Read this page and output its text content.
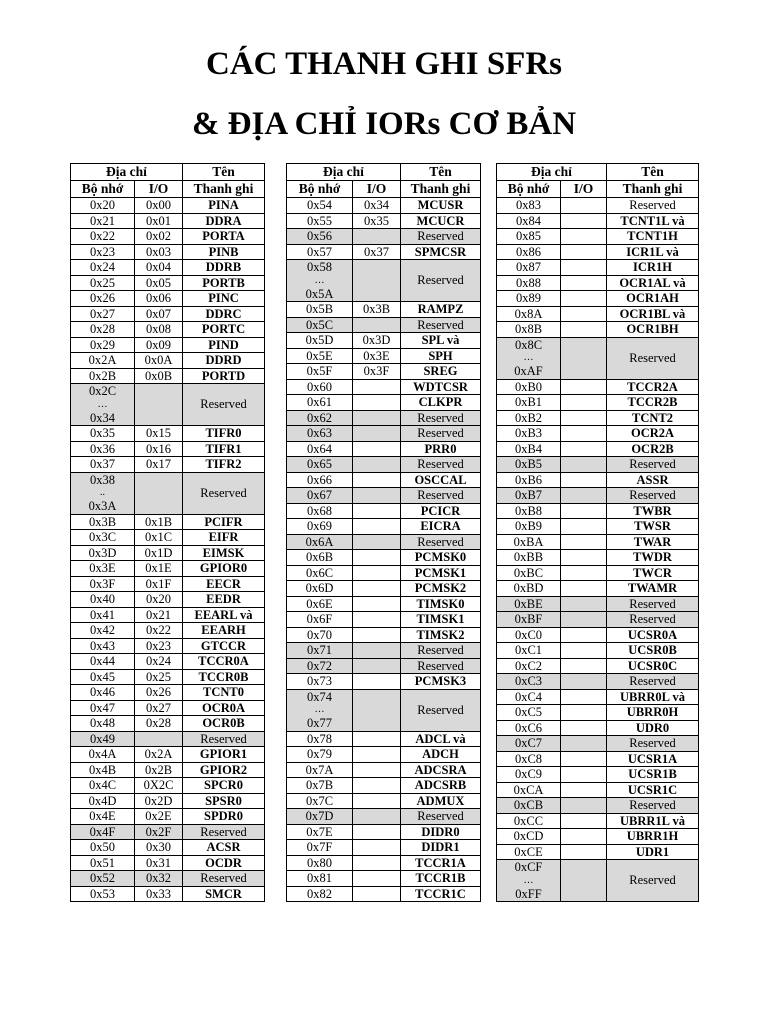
CÁC THANH GHI SFRs
& ĐỊA CHỈ IORs CƠ BẢN
Địa chỉ		Tên
Bộ nhớ	I/O	Thanh ghi
0x20	0x00	PINA
0x21	0x01	DDRA
0x22	0x02	PORTA
0x23	0x03	PINB
0x24	0x04	DDRB
0x25	0x05	PORTB
0x26	0x06	PINC
0x27	0x07	DDRC
0x28	0x08	PORTC
0x29	0x09	PIND
0x2A	0x0A	DDRD
0x2B	0x0B	PORTD

0x2C
…
0x34		Reserved

0x35	0x15	TIFR0
0x36	0x16	TIFR1
0x37	0x17	TIFR2

0x38
..
0x3A		Reserved

0x3B	0x1B	PCIFR
0x3C	0x1C	EIFR
0x3D	0x1D	EIMSK
0x3E	0x1E	GPIOR0
0x3F	0x1F	EECR
0x40	0x20	EEDR
0x41	0x21	EEARL và
0x42	0x22	EEARH
0x43	0x23	GTCCR
0x44	0x24	TCCR0A
0x45	0x25	TCCR0B
0x46	0x26	TCNT0
0x47	0x27	OCR0A
0x48	0x28	OCR0B
0x49		Reserved
0x4A	0x2A	GPIOR1
0x4B	0x2B	GPIOR2
0x4C	0X2C	SPCR0
0x4D	0x2D	SPSR0
0x4E	0x2E	SPDR0
0x4F	0x2F	Reserved
0x50	0x30	ACSR
0x51	0x31	OCDR
0x52	0x32	Reserved
0x53	0x33	SMCR
Địa chỉ		Tên
Bộ nhớ	I/O	Thanh ghi
0x54	0x34	MCUSR
0x55	0x35	MCUCR
0x56		Reserved
0x57	0x37	SPMCSR

0x58
…
0x5A		Reserved

0x5B	0x3B	RAMPZ
0x5C		Reserved
0x5D	0x3D	SPL và
0x5E	0x3E	SPH
0x5F	0x3F	SREG
0x60		WDTCSR
0x61		CLKPR
0x62		Reserved
0x63		Reserved
0x64		PRR0
0x65		Reserved
0x66		OSCCAL
0x67		Reserved
0x68		PCICR
0x69		EICRA
0x6A		Reserved
0x6B		PCMSK0
0x6C		PCMSK1
0x6D		PCMSK2
0x6E		TIMSK0
0x6F		TIMSK1
0x70		TIMSK2
0x71		Reserved
0x72		Reserved
0x73		PCMSK3

0x74
…
0x77		Reserved

0x78		ADCL và
0x79		ADCH
0x7A		ADCSRA
0x7B		ADCSRB
0x7C		ADMUX
0x7D		Reserved
0x7E		DIDR0
0x7F		DIDR1
0x80		TCCR1A
0x81		TCCR1B
0x82		TCCR1C
Địa chỉ		Tên
Bộ nhớ	I/O	Thanh ghi
0x83		Reserved
0x84		TCNT1L và
0x85		TCNT1H
0x86		ICR1L và
0x87		ICR1H
0x88		OCR1AL và
0x89		OCR1AH
0x8A		OCR1BL và
0x8B		OCR1BH

0x8C
…
0xAF		Reserved

0xB0		TCCR2A
0xB1		TCCR2B
0xB2		TCNT2
0xB3		OCR2A
0xB4		OCR2B
0xB5		Reserved
0xB6		ASSR
0xB7		Reserved
0xB8		TWBR
0xB9		TWSR
0xBA		TWAR
0xBB		TWDR
0xBC		TWCR
0xBD		TWAMR
0xBE		Reserved
0xBF		Reserved
0xC0		UCSR0A
0xC1		UCSR0B
0xC2		UCSR0C
0xC3		Reserved
0xC4		UBRR0L và
0xC5		UBRR0H
0xC6		UDR0
0xC7		Reserved
0xC8		UCSR1A
0xC9		UCSR1B
0xCA		UCSR1C
0xCB		Reserved
0xCC		UBRR1L và
0xCD		UBRR1H
0xCE		UDR1

0xCF
…
0xFF		Reserved
